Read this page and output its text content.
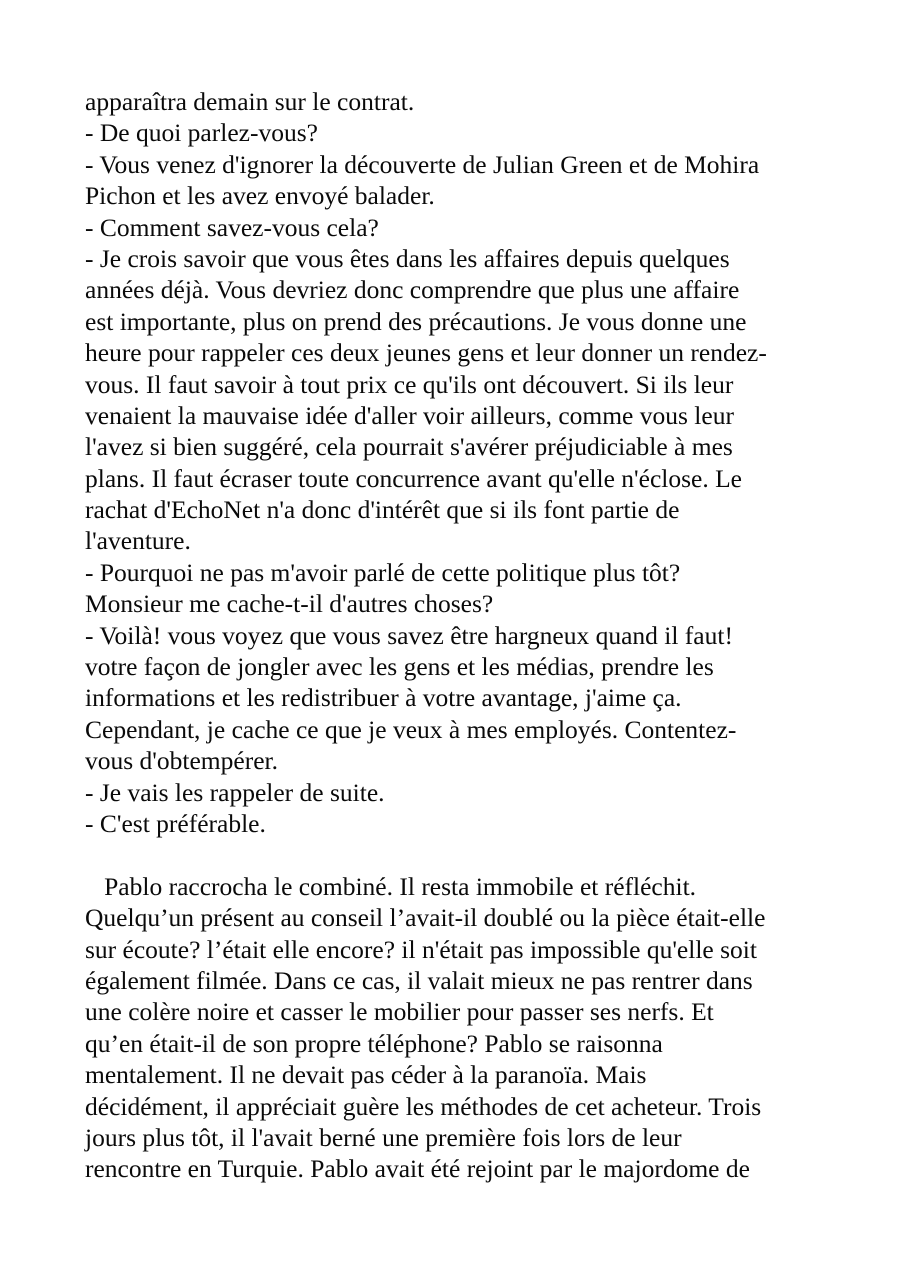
apparaîtra demain sur le contrat.
- De quoi parlez-vous?
- Vous venez d'ignorer la découverte de Julian Green et de Mohira
Pichon et les avez envoyé balader.
- Comment savez-vous cela?
- Je crois savoir que vous êtes dans les affaires depuis quelques
années déjà. Vous devriez donc comprendre que plus une affaire
est importante, plus on prend des précautions. Je vous donne une
heure pour rappeler ces deux jeunes gens et leur donner un rendez-
vous. Il faut savoir à tout prix ce qu'ils ont découvert. Si ils leur
venaient la mauvaise idée d'aller voir ailleurs, comme vous leur
l'avez si bien suggéré, cela pourrait s'avérer préjudiciable à mes
plans. Il faut écraser toute concurrence avant qu'elle n'éclose. Le
rachat d'EchoNet n'a donc d'intérêt que si ils font partie de
l'aventure.
- Pourquoi ne pas m'avoir parlé de cette politique plus tôt?
Monsieur me cache-t-il d'autres choses?
- Voilà! vous voyez que vous savez être hargneux quand il faut!
votre façon de jongler avec les gens et les médias, prendre les
informations et les redistribuer à votre avantage, j'aime ça.
Cependant, je cache ce que je veux à mes employés. Contentez-
vous d'obtempérer.
- Je vais les rappeler de suite.
- C'est préférable.
Pablo raccrocha le combiné. Il resta immobile et réfléchit.
Quelqu’un présent au conseil l’avait-il doublé ou la pièce était-elle
sur écoute? l’était elle encore? il n'était pas impossible qu'elle soit
également filmée. Dans ce cas, il valait mieux ne pas rentrer dans
une colère noire et casser le mobilier pour passer ses nerfs. Et
qu’en était-il de son propre téléphone? Pablo se raisonna
mentalement. Il ne devait pas céder à la paranoïa. Mais
décidément, il appréciait guère les méthodes de cet acheteur. Trois
jours plus tôt, il l'avait berné une première fois lors de leur
rencontre en Turquie. Pablo avait été rejoint par le majordome de
